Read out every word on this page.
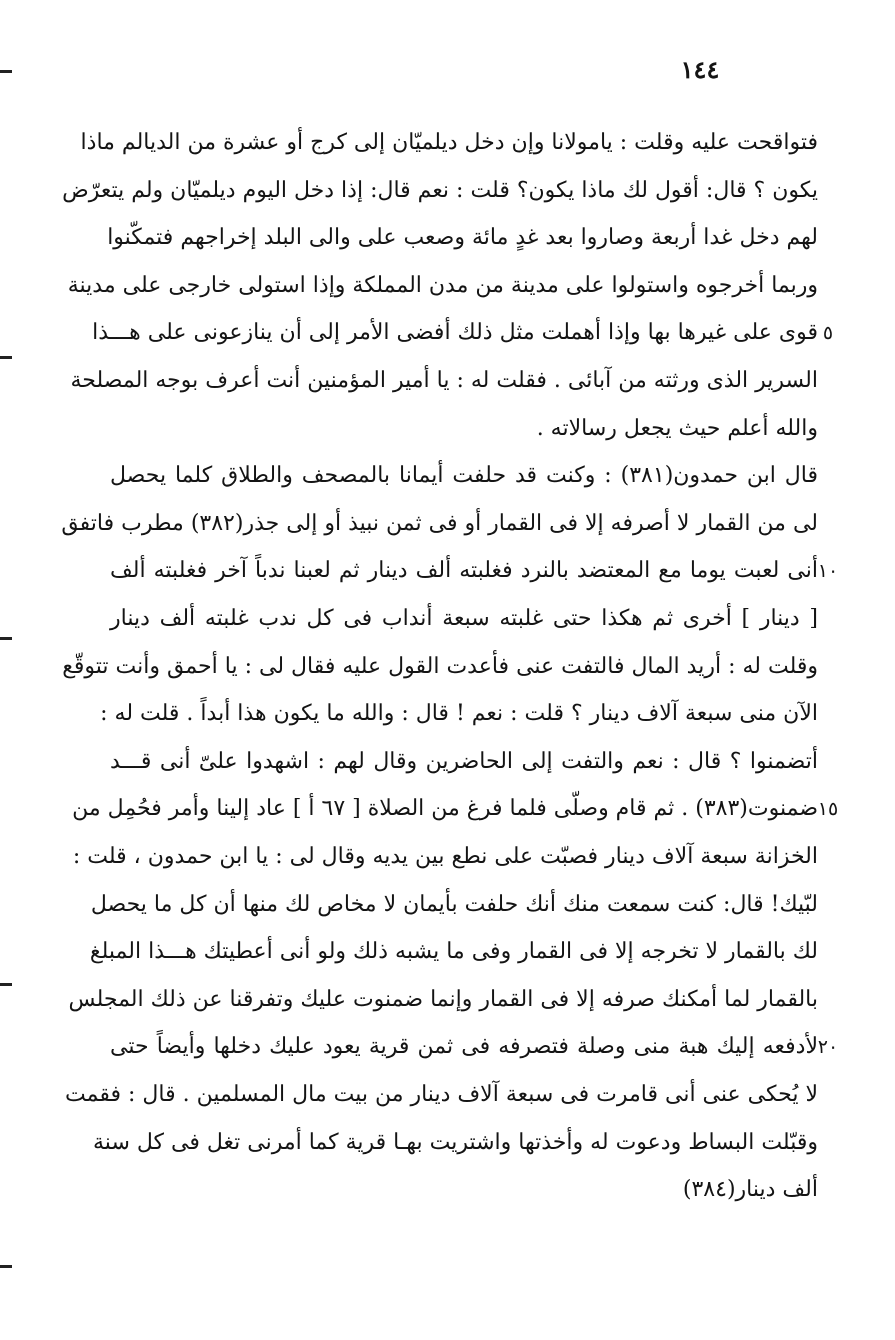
١٤٤
فتواقحت عليه وقلت : يامولانا وإن دخل ديلميّان إلى كرج أو عشرة من الديالم ماذا
يكون ؟ قال: أقول لك ماذا يكون؟ قلت : نعم قال: إذا دخل اليوم ديلميّان ولم يتعرّض
لهم دخل غدا أربعة وصاروا بعد غدٍ مائة وصعب على والى البلد إخراجهم فتمكّنوا
وربما أخرجوه واستولوا على مدينة من مدن المملكة وإذا استولى خارجى على مدينة
قوى على غيرها بها وإذا أهملت مثل ذلك أفضى الأمر إلى أن ينازعونى على هـــذا ٥
السرير الذى ورثته من آبائى . فقلت له : يا أمير المؤمنين أنت أعرف بوجه المصلحة
والله أعلم حيث يجعل رسالاته .
قال ابن حمدون(٣٨١) : وكنت قد حلفت أيمانا بالمصحف والطلاق كلما يحصل
لى من القمار لا أصرفه إلا فى القمار أو فى ثمن نبيذ أو إلى جذر(٣٨٢) مطرب فاتفق
أنى لعبت يوما مع المعتضد بالنرد فغلبته ألف دينار ثم لعبنا ندباً آخر فغلبته ألف ١٠
[ دينار ] أخرى ثم هكذا حتى غلبته سبعة أنداب فى كل ندب غلبته ألف دينار
وقلت له : أريد المال فالتفت عنى فأعدت القول عليه فقال لى : يا أحمق وأنت تتوقّع
الآن منى سبعة آلاف دينار ؟ قلت : نعم ! قال : والله ما يكون هذا أبداً . قلت له :
أتضمنوا ؟ قال : نعم والتفت إلى الحاضرين وقال لهم : اشهدوا علىّ أنى قـــد
ضمنوت(٣٨٣) . ثم قام وصلّى فلما فرغ من الصلاة [ ٦٧ أ ] عاد إلينا وأمر فحُمِل من ١٥
الخزانة سبعة آلاف دينار فصبّت على نطع بين يديه وقال لى : يا ابن حمدون ، قلت :
لبّيك! قال: كنت سمعت منك أنك حلفت بأيمان لا مخاص لك منها أن كل ما يحصل
لك بالقمار لا تخرجه إلا فى القمار وفى ما يشبه ذلك ولو أنى أعطيتك هـــذا المبلغ
بالقمار لما أمكنك صرفه إلا فى القمار وإنما ضمنوت عليك وتفرقنا عن ذلك المجلس
لأدفعه إليك هبة منى وصلة فتصرفه فى ثمن قرية يعود عليك دخلها وأيضاً حتى ٢٠
لا يُحكى عنى أنى قامرت فى سبعة آلاف دينار من بيت مال المسلمين . قال : فقمت
وقبّلت البساط ودعوت له وأخذتها واشتريت بهـا قرية كما أمرنى تغل فى كل سنة
ألف دينار(٣٨٤)
